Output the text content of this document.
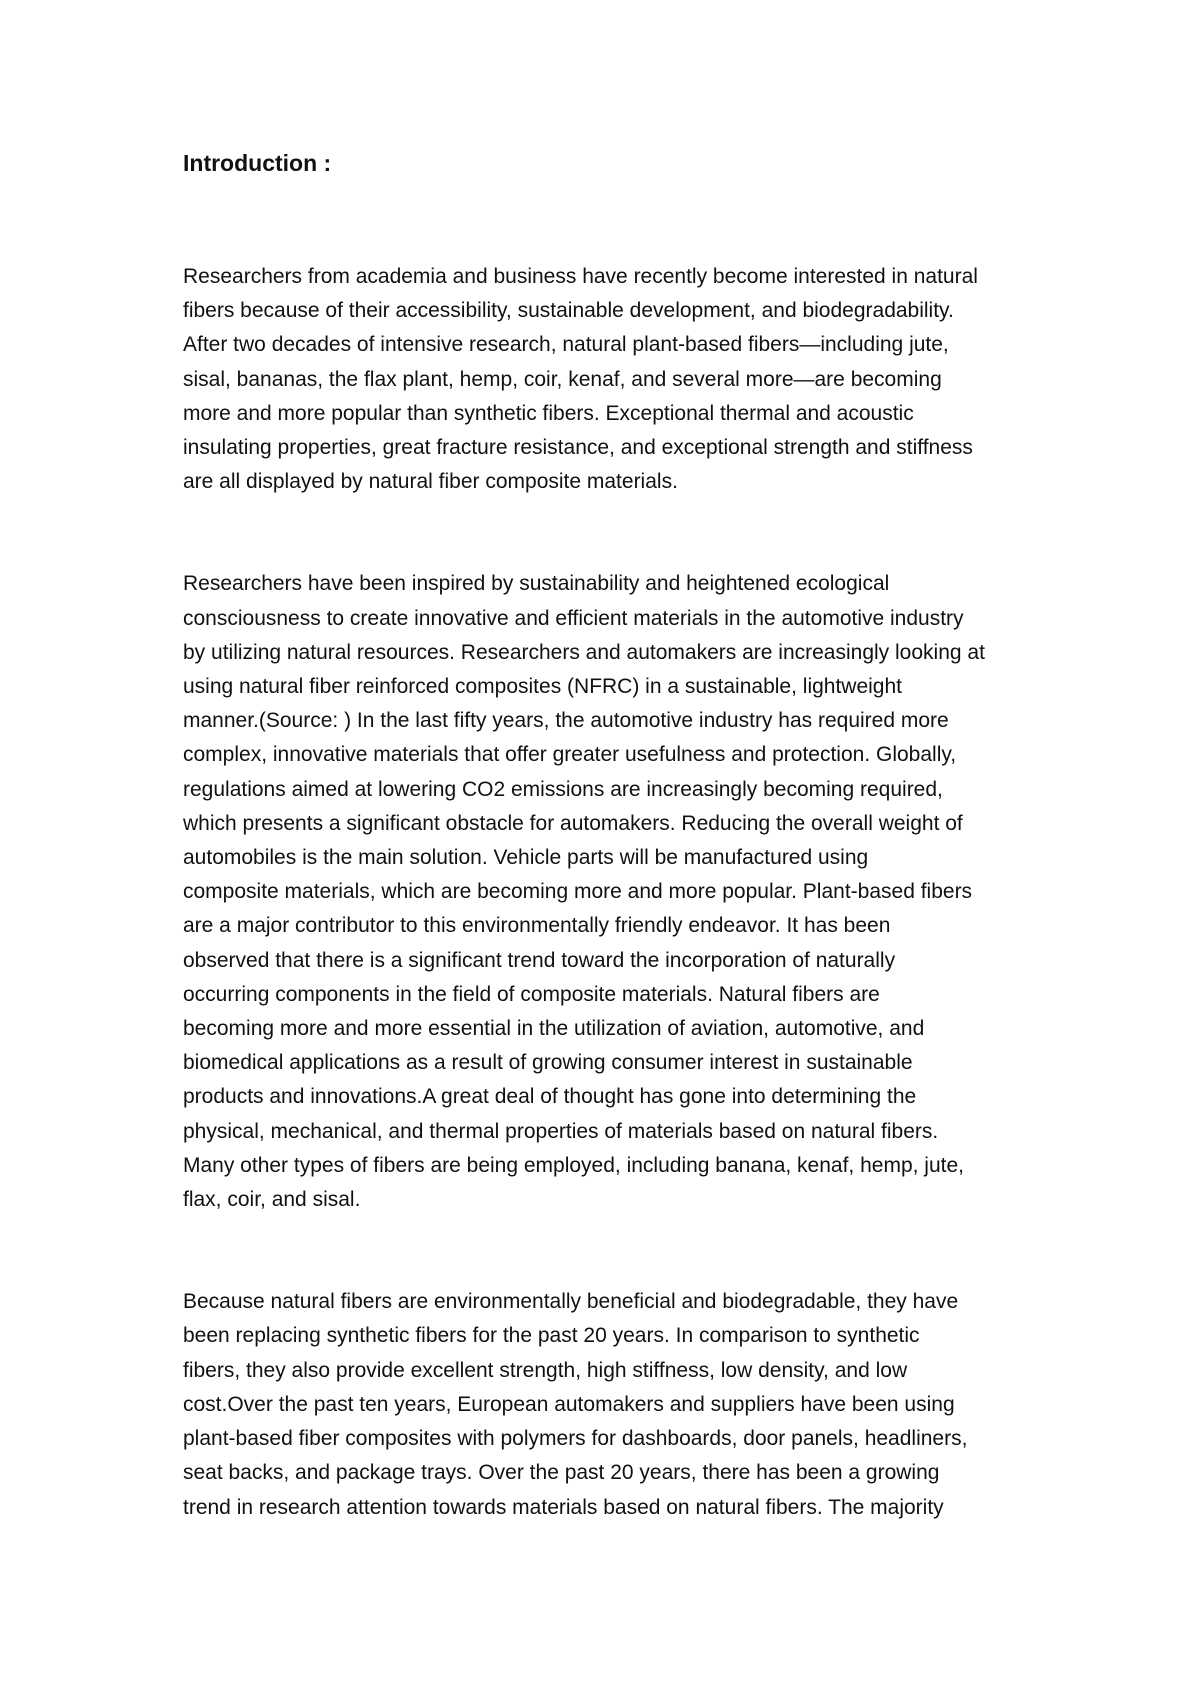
Introduction :
Researchers from academia and business have recently become interested in natural
fibers because of their accessibility, sustainable development, and biodegradability.
After two decades of intensive research, natural plant-based fibers—including jute,
sisal, bananas, the flax plant, hemp, coir, kenaf, and several more—are becoming
more and more popular than synthetic fibers. Exceptional thermal and acoustic
insulating properties, great fracture resistance, and exceptional strength and stiffness
are all displayed by natural fiber composite materials.
Researchers have been inspired by sustainability and heightened ecological
consciousness to create innovative and efficient materials in the automotive industry
by utilizing natural resources. Researchers and automakers are increasingly looking at
using natural fiber reinforced composites (NFRC) in a sustainable, lightweight
manner.(Source: ) In the last fifty years, the automotive industry has required more
complex, innovative materials that offer greater usefulness and protection. Globally,
regulations aimed at lowering CO2 emissions are increasingly becoming required,
which presents a significant obstacle for automakers. Reducing the overall weight of
automobiles is the main solution. Vehicle parts will be manufactured using
composite materials, which are becoming more and more popular. Plant-based fibers
are a major contributor to this environmentally friendly endeavor. It has been
observed that there is a significant trend toward the incorporation of naturally
occurring components in the field of composite materials. Natural fibers are
becoming more and more essential in the utilization of aviation, automotive, and
biomedical applications as a result of growing consumer interest in sustainable
products and innovations.A great deal of thought has gone into determining the
physical, mechanical, and thermal properties of materials based on natural fibers.
Many other types of fibers are being employed, including banana, kenaf, hemp, jute,
flax, coir, and sisal.
Because natural fibers are environmentally beneficial and biodegradable, they have
been replacing synthetic fibers for the past 20 years. In comparison to synthetic
fibers, they also provide excellent strength, high stiffness, low density, and low
cost.Over the past ten years, European automakers and suppliers have been using
plant-based fiber composites with polymers for dashboards, door panels, headliners,
seat backs, and package trays. Over the past 20 years, there has been a growing
trend in research attention towards materials based on natural fibers. The majority
